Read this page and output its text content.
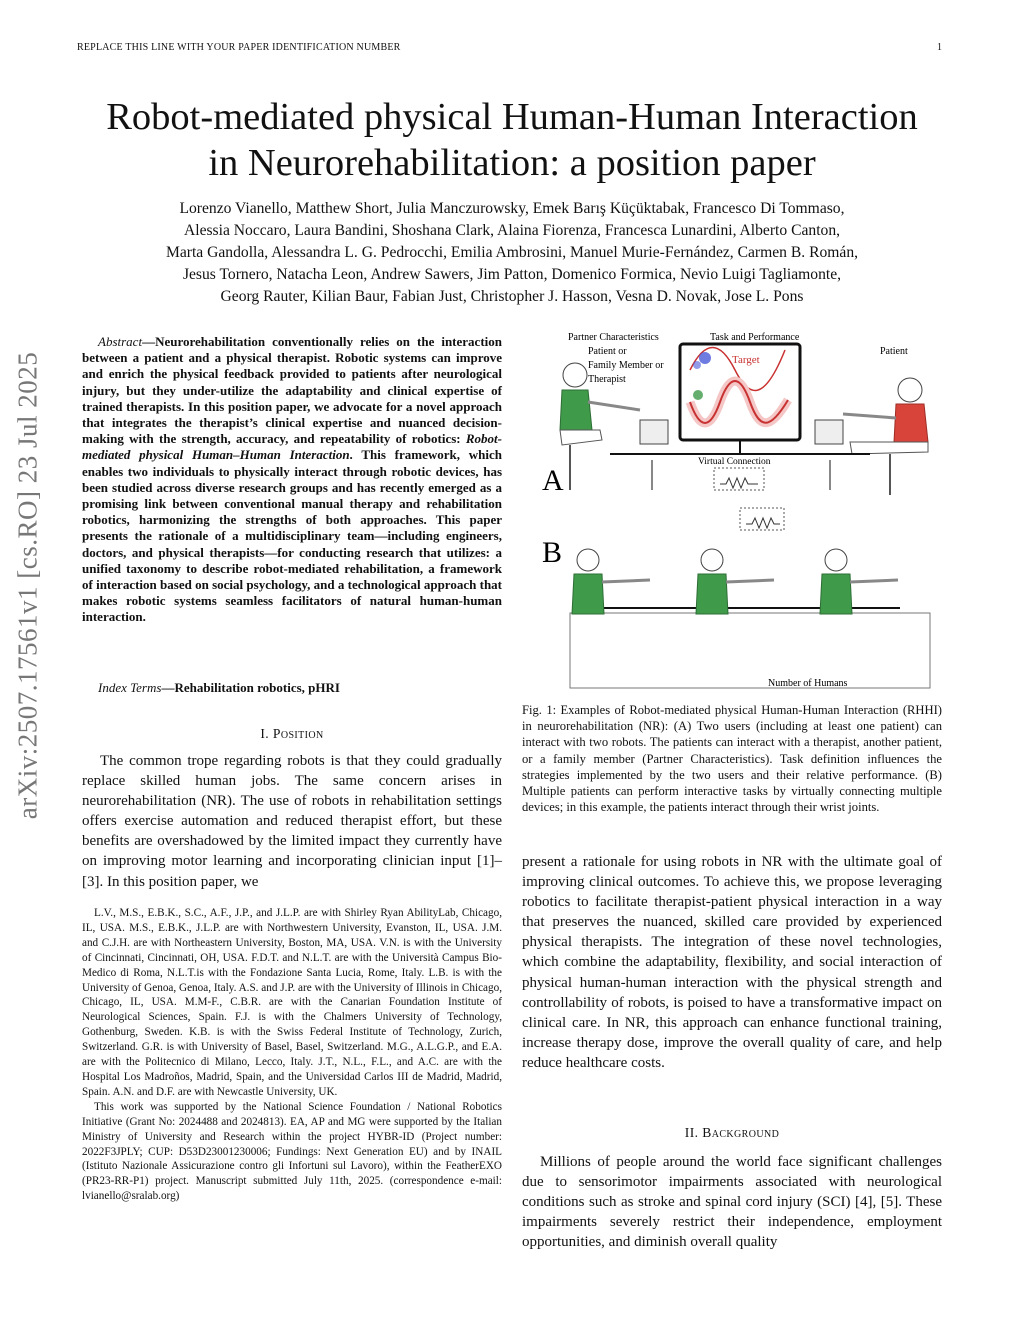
REPLACE THIS LINE WITH YOUR PAPER IDENTIFICATION NUMBER	1
arXiv:2507.17561v1 [cs.RO] 23 Jul 2025
Robot-mediated physical Human-Human Interaction
in Neurorehabilitation: a position paper
Lorenzo Vianello, Matthew Short, Julia Manczurowsky, Emek Barış Küçüktabak, Francesco Di Tommaso,
Alessia Noccaro, Laura Bandini, Shoshana Clark, Alaina Fiorenza, Francesca Lunardini, Alberto Canton,
Marta Gandolla, Alessandra L. G. Pedrocchi, Emilia Ambrosini, Manuel Murie-Fernández, Carmen B. Román,
Jesus Tornero, Natacha Leon, Andrew Sawers, Jim Patton, Domenico Formica, Nevio Luigi Tagliamonte,
Georg Rauter, Kilian Baur, Fabian Just, Christopher J. Hasson, Vesna D. Novak, Jose L. Pons
Abstract—Neurorehabilitation conventionally relies on the interaction between a patient and a physical therapist. Robotic systems can improve and enrich the physical feedback provided to patients after neurological injury, but they under-utilize the adaptability and clinical expertise of trained therapists. In this position paper, we advocate for a novel approach that integrates the therapist’s clinical expertise and nuanced decision-making with the strength, accuracy, and repeatability of robotics: Robot-mediated physical Human–Human Interaction. This framework, which enables two individuals to physically interact through robotic devices, has been studied across diverse research groups and has recently emerged as a promising link between conventional manual therapy and rehabilitation robotics, harmonizing the strengths of both approaches. This paper presents the rationale of a multidisciplinary team—including engineers, doctors, and physical therapists—for conducting research that utilizes: a unified taxonomy to describe robot-mediated rehabilitation, a framework of interaction based on social psychology, and a technological approach that makes robotic systems seamless facilitators of natural human-human interaction.
Index Terms—Rehabilitation robotics, pHRI
I. Position
The common trope regarding robots is that they could gradually replace skilled human jobs. The same concern arises in neurorehabilitation (NR). The use of robots in rehabilitation settings offers exercise automation and reduced therapist effort, but these benefits are overshadowed by the limited impact they currently have on improving motor learning and incorporating clinician input [1]–[3]. In this position paper, we

L.V., M.S., E.B.K., S.C., A.F., J.P., and J.L.P. are with Shirley Ryan AbilityLab, Chicago, IL, USA. M.S., E.B.K., J.L.P. are with Northwestern University, Evanston, IL, USA. J.M. and C.J.H. are with Northeastern University, Boston, MA, USA. V.N. is with the University of Cincinnati, Cincinnati, OH, USA. F.D.T. and N.L.T. are with the Università Campus Bio-Medico di Roma, N.L.T.is with the Fondazione Santa Lucia, Rome, Italy. L.B. is with the University of Genoa, Genoa, Italy. A.S. and J.P. are with the University of Illinois in Chicago, Chicago, IL, USA. M.M-F., C.B.R. are with the Canarian Foundation Institute of Neurological Sciences, Spain. F.J. is with the Chalmers University of Technology, Gothenburg, Sweden. K.B. is with the Swiss Federal Institute of Technology, Zurich, Switzerland. G.R. is with University of Basel, Basel, Switzerland. M.G., A.L.G.P., and E.A. are with the Politecnico di Milano, Lecco, Italy. J.T., N.L., F.L., and A.C. are with the Hospital Los Madroños, Madrid, Spain, and the Universidad Carlos III de Madrid, Madrid, Spain. A.N. and D.F. are with Newcastle University, UK.

This work was supported by the National Science Foundation / National Robotics Initiative (Grant No: 2024488 and 2024813). EA, AP and MG were supported by the Italian Ministry of University and Research within the project HYBR-ID (Project number: 2022F3JPLY; CUP: D53D23001230006; Fundings: Next Generation EU) and by INAIL (Istituto Nazionale Assicurazione contro gli Infortuni sul Lavoro), within the FeatherEXO (PR23-RR-P1) project. Manuscript submitted July 11th, 2025. (correspondence e-mail: lvianello@sralab.org)

Partner Characteristics
Patient or
Family Member or
Therapist
Task and Performance
Patient
Target
Virtual Connection
A
B
Number of Humans
Fig. 1: Examples of Robot-mediated physical Human-Human Interaction (RHHI) in neurorehabilitation (NR): (A) Two users (including at least one patient) can interact with two robots. The patients can interact with a therapist, another patient, or a family member (Partner Characteristics). Task definition influences the strategies implemented by the two users and their relative performance. (B) Multiple patients can perform interactive tasks by virtually connecting multiple devices; in this example, the patients interact through their wrist joints.
present a rationale for using robots in NR with the ultimate goal of improving clinical outcomes. To achieve this, we propose leveraging robotics to facilitate therapist-patient physical interaction in a way that preserves the nuanced, skilled care provided by experienced physical therapists. The integration of these novel technologies, which combine the adaptability, flexibility, and social interaction of physical human-human interaction with the physical strength and controllability of robots, is poised to have a transformative impact on clinical care. In NR, this approach can enhance functional training, increase therapy dose, improve the overall quality of care, and help reduce healthcare costs.
II. Background
Millions of people around the world face significant challenges due to sensorimotor impairments associated with neurological conditions such as stroke and spinal cord injury (SCI) [4], [5]. These impairments severely restrict their independence, employment opportunities, and diminish overall quality
